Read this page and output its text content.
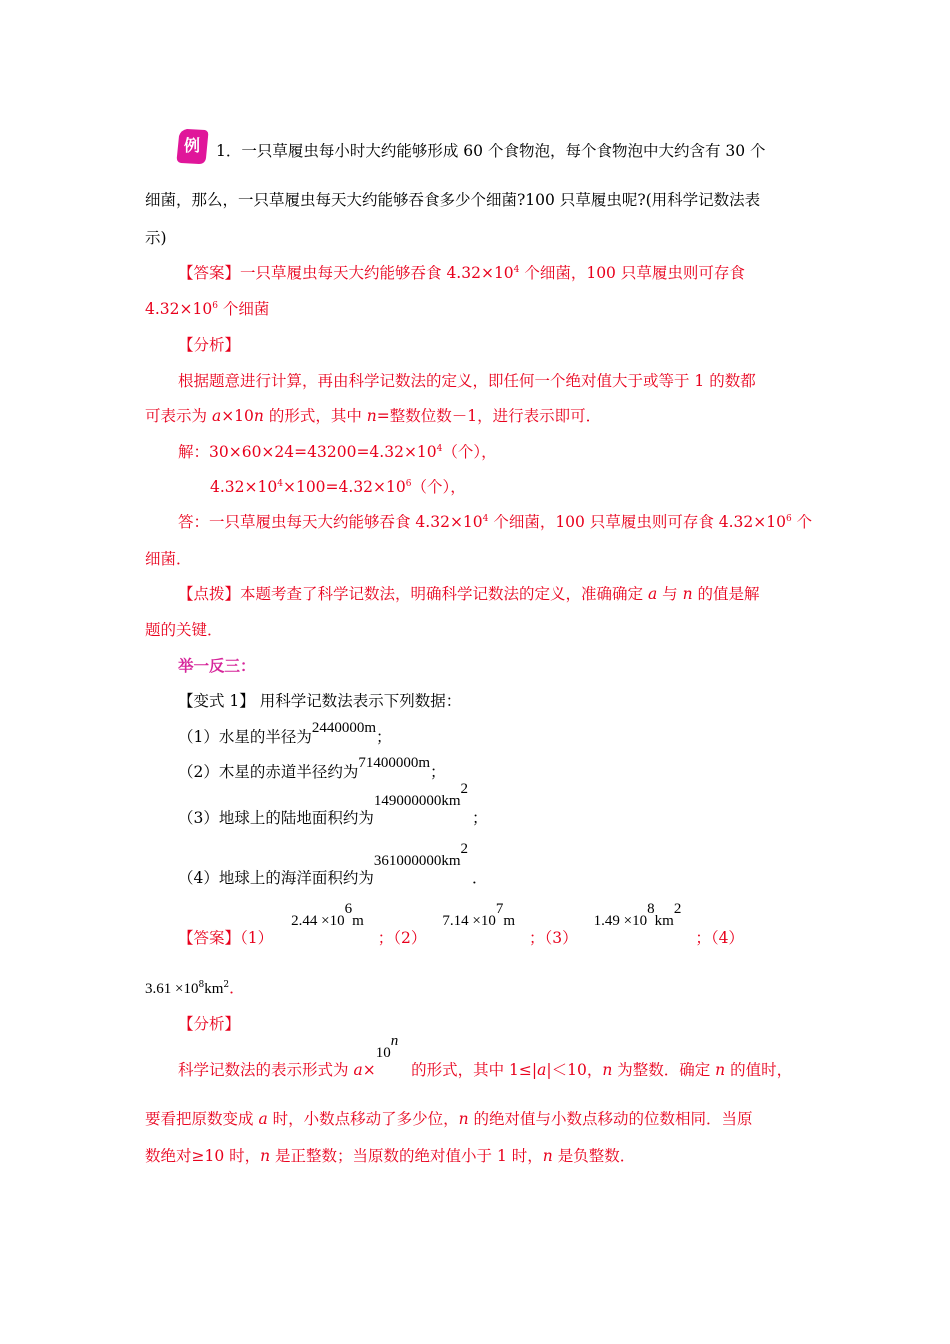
例 1．一只草履虫每小时大约能够形成 60 个食物泡，每个食物泡中大约含有 30 个
细菌，那么，一只草履虫每天大约能够吞食多少个细菌?100 只草履虫呢?(用科学记数法表
示)
【答案】一只草履虫每天大约能够吞食 $4.32\times 10^4$ 个细菌，100 只草履虫则可存食
$4.32\times 10^6$ 个细菌
【分析】
根据题意进行计算，再由科学记数法的定义，即任何一个绝对值大于或等于 1 的数都
可表示为 a×10n 的形式，其中 n=整数位数－1，进行表示即可．
解：$30\times 60\times 24=43200=4.32\times 10^4$（个），
$4.32\times 10^4\times 100=4.32\times 10^6$（个），
答：一只草履虫每天大约能够吞食 $4.32\times 10^4$ 个细菌，100 只草履虫则可存食 $4.32\times 10^6$ 个
细菌．
【点拨】本题考查了科学记数法，明确科学记数法的定义，准确确定 a 与 n 的值是解
题的关键．
举一反三：
【变式 1】 用科学记数法表示下列数据：
（1）水星的半径为2440000m；
（2）木星的赤道半径约为71400000m；
（3）地球上的陆地面积约为$149000000km^2$；
（4）地球上的海洋面积约为$361000000km^2$．
【答案】$(1)2.44 \times 10^6m$；$(2)7.14 \times 10^7m$；$(3)1.49 \times 10^8km^2$；（4）
$3.61 \times 10^8km^2$．
【分析】
科学记数法的表示形式为 $a\times 10^n$ 的形式，其中 1≤|a|＜10，n 为整数．确定 n 的值时，
要看把原数变成 a 时，小数点移动了多少位，n 的绝对值与小数点移动的位数相同．当原
数绝对≥10 时，n 是正整数；当原数的绝对值小于 1 时，n 是负整数．
